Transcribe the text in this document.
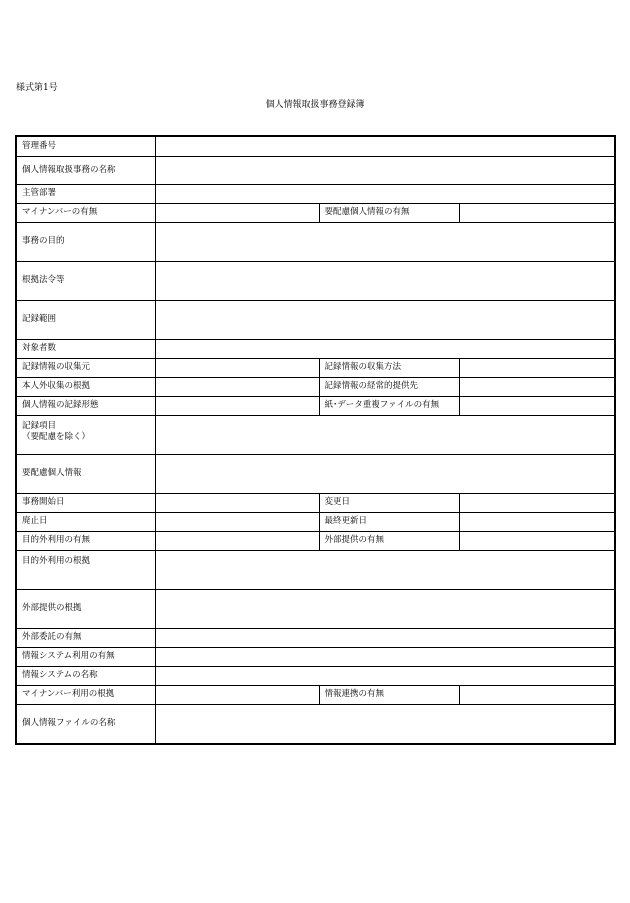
様式第1号
個人情報取扱事務登録簿
管理番号			
個人情報取扱事務の名称			
主管部署			
マイナンバーの有無		要配慮個人情報の有無	
事務の目的			
根拠法令等			
記録範囲			
対象者数			
記録情報の収集元		記録情報の収集方法	
本人外収集の根拠		記録情報の経常的提供先	
個人情報の記録形態		紙･データ重複ファイルの有無	

記録項目
（要配慮を除く）			

要配慮個人情報			
事務開始日		変更日	
廃止日		最終更新日	
目的外利用の有無		外部提供の有無	
目的外利用の根拠			
外部提供の根拠			
外部委託の有無			
情報システム利用の有無			
情報システムの名称			
マイナンバー利用の根拠		情報連携の有無	
個人情報ファイルの名称			
